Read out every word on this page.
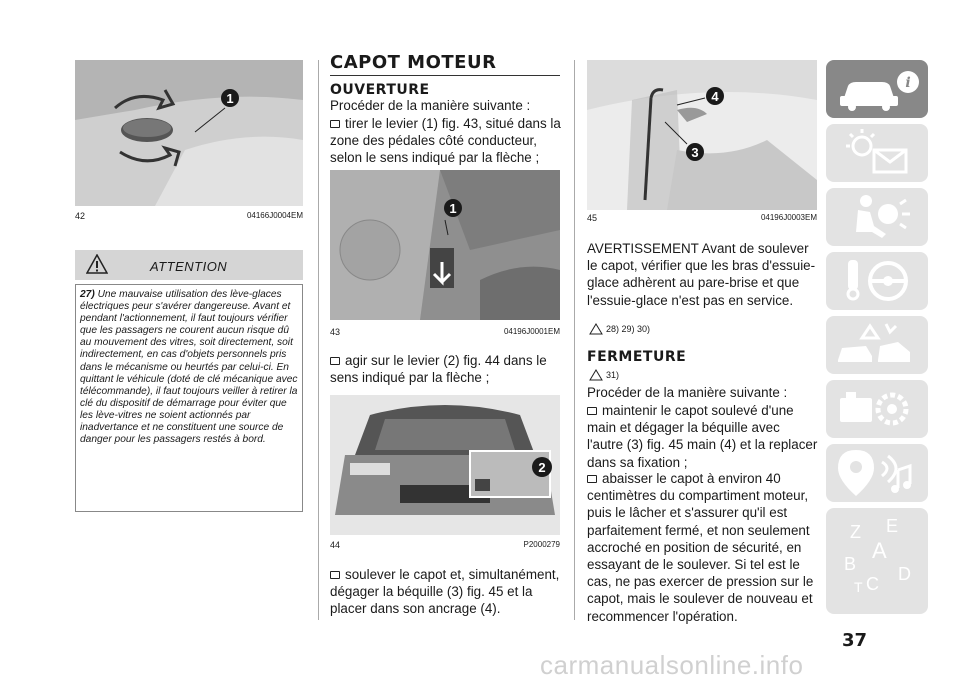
1
42	04166J0004EM
ATTENTION
27) Une mauvaise utilisation des lève-glaces électriques peur s'avérer dangereuse. Avant et pendant l'actionnement, il faut toujours vérifier que les passagers ne courent aucun risque dû au mouvement des vitres, soit directement, soit indirectement, en cas d'objets personnels pris dans le mécanisme ou heurtés par celui-ci. En quittant le véhicule (doté de clé mécanique avec télécommande), il faut toujours veiller à retirer la clé du dispositif de démarrage pour éviter que les lève-vitres ne soient actionnés par inadvertance et ne constituent une source de danger pour les passagers restés à bord.
CAPOT MOTEUR
OUVERTURE
Procéder de la manière suivante :
tirer le levier (1) fig. 43, situé dans la zone des pédales côté conducteur, selon le sens indiqué par la flèche ;
1
43	04196J0001EM
agir sur le levier (2) fig. 44 dans le sens indiqué par la flèche ;
2
44	P2000279
soulever le capot et, simultanément, dégager la béquille (3) fig. 45 et la placer dans son ancrage (4).
4
3
45	04196J0003EM
AVERTISSEMENT Avant de soulever le capot, vérifier que les bras d'essuie-glace adhèrent au pare-brise et que l'essuie-glace n'est pas en service.
28) 29) 30)
FERMETURE
31)
Procéder de la manière suivante :
maintenir le capot soulevé d'une main et dégager la béquille avec l'autre (3) fig. 45 main (4) et la replacer dans sa fixation ;
abaisser le capot à environ 40 centimètres du compartiment moteur, puis le lâcher et s'assurer qu'il est parfaitement fermé, et non seulement accroché en position de sécurité, en essayant de le soulever. Si tel est le cas, ne pas exercer de pression sur le capot, mais le soulever de nouveau et recommencer l'opération.
i
Z E
A
B
C D
T
37
carmanualsonline.info
